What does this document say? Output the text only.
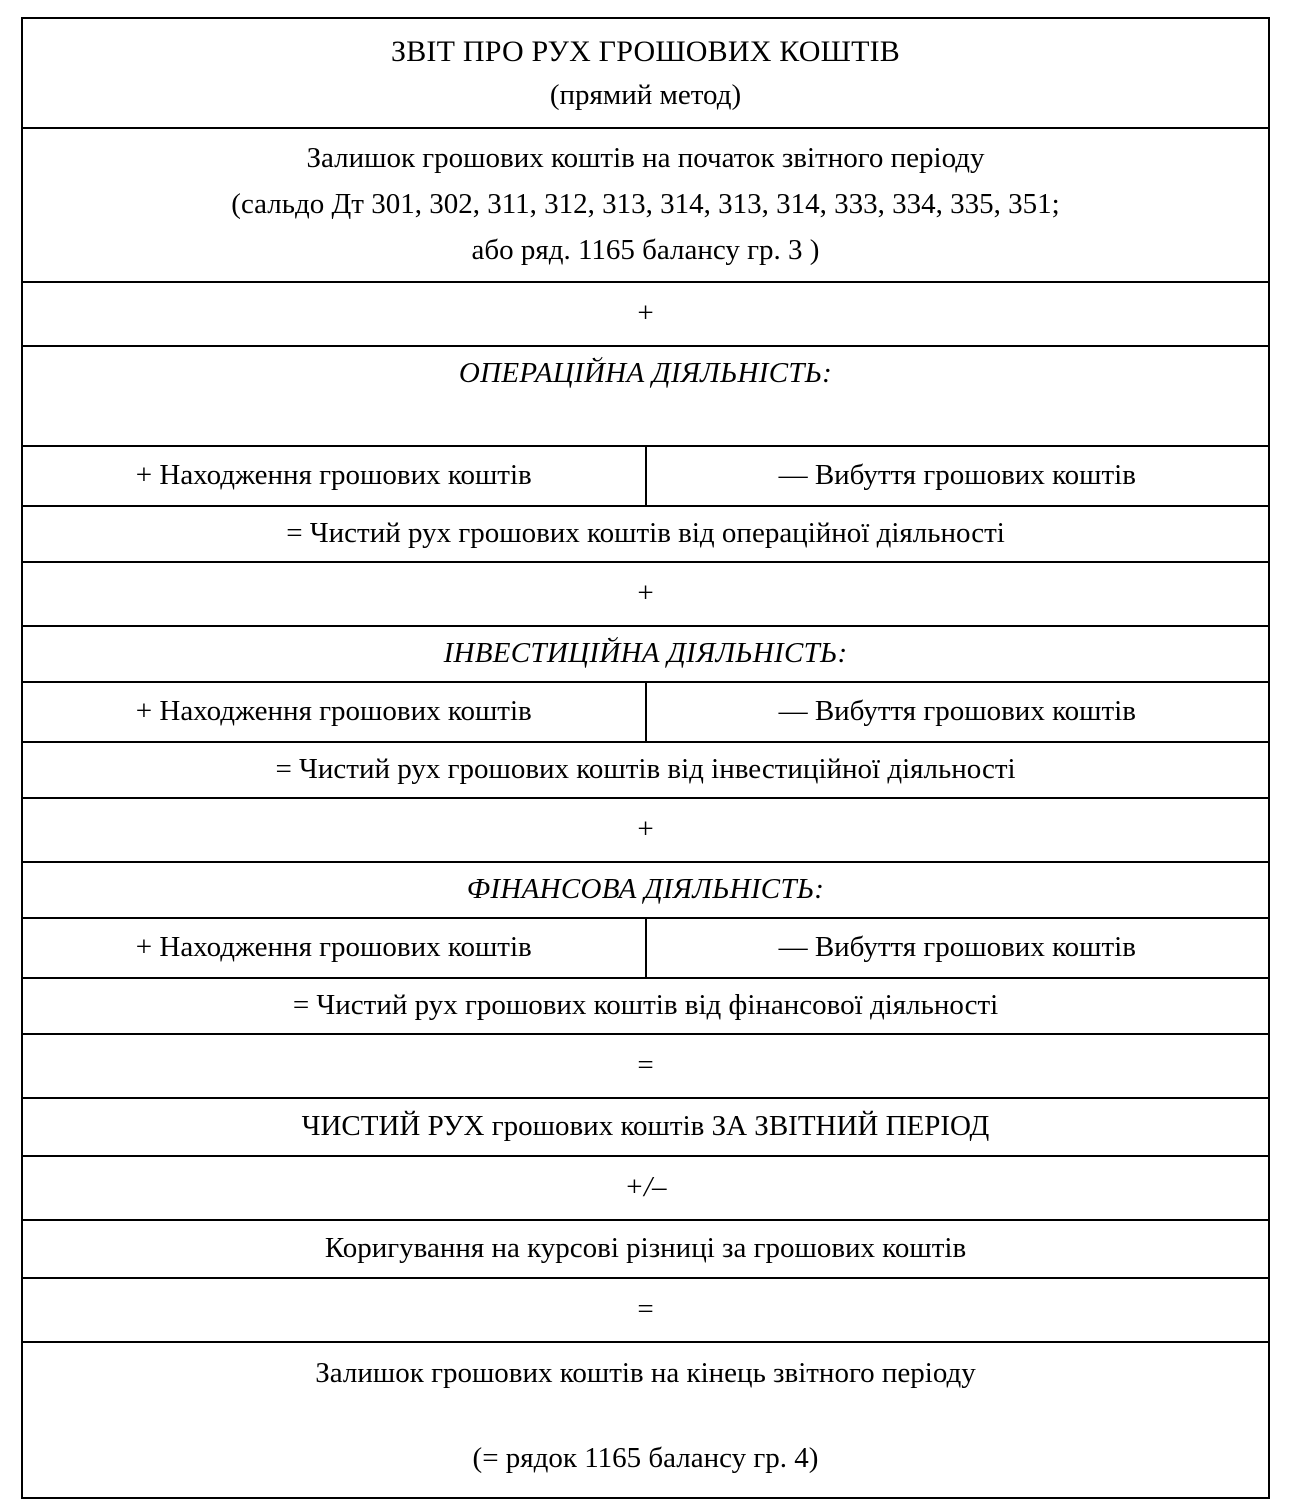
ЗВІТ ПРО РУХ ГРОШОВИХ КОШТІВ
(прямий метод)	

Залишок грошових коштів на початок звітного періоду
(сальдо Дт 301, 302, 311, 312, 313, 314, 313, 314, 333, 334, 335, 351;
або ряд. 1165 балансу гр. 3 )	

+	
ОПЕРАЦІЙНА ДІЯЛЬНІСТЬ:	
+ Находження грошових коштів	— Вибуття грошових коштів
= Чистий рух грошових коштів від операційної діяльності	
+	
ІНВЕСТИЦІЙНА ДІЯЛЬНІСТЬ:	
+ Находження грошових коштів	— Вибуття грошових коштів
= Чистий рух грошових коштів від інвестиційної діяльності	
+	
ФІНАНСОВА ДІЯЛЬНІСТЬ:	
+ Находження грошових коштів	— Вибуття грошових коштів
= Чистий рух грошових коштів від фінансової діяльності	
=	
ЧИСТИЙ РУХ грошових коштів ЗА ЗВІТНИЙ ПЕРІОД	
+/–	
Коригування на курсові різниці за грошових коштів	
=	

Залишок грошових коштів на кінець звітного періоду
(= рядок 1165 балансу гр. 4)	
